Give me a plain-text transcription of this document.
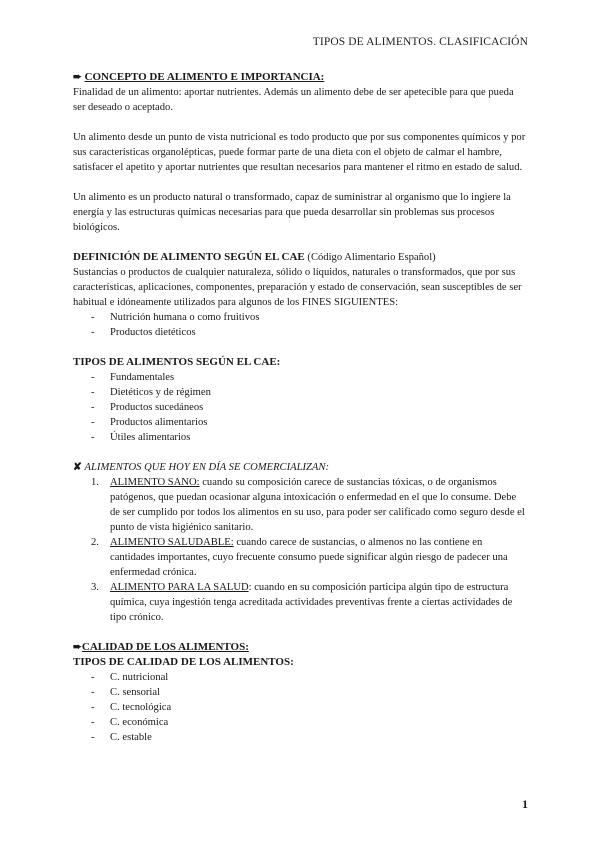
TIPOS DE ALIMENTOS. CLASIFICACIÓN

➨ CONCEPTO DE ALIMENTO E IMPORTANCIA:

Finalidad de un alimento: aportar nutrientes. Además un alimento debe de ser apetecible para que pueda ser deseado o aceptado.

Un alimento desde un punto de vista nutricional es todo producto que por sus componentes químicos y por sus características organolépticas, puede formar parte de una dieta con el objeto de calmar el hambre, satisfacer el apetito y aportar nutrientes que resultan necesarios para mantener el ritmo en estado de salud.

Un alimento es un producto natural o transformado, capaz de suministrar al organismo que lo ingiere la energía y las estructuras químicas necesarias para que pueda desarrollar sin problemas sus procesos biológicos.

DEFINICIÓN DE ALIMENTO SEGÚN EL CAE (Código Alimentario Español)

Sustancias o productos de cualquier naturaleza, sólido o líquidos, naturales o transformados, que por sus características, aplicaciones, componentes, preparación y estado de conservación, sean susceptibles de ser habitual e idóneamente utilizados para algunos de los FINES SIGUIENTES:

- Nutrición humana o como fruitivos
- Productos dietéticos

TIPOS DE ALIMENTOS SEGÚN EL CAE:

- Fundamentales
- Dietéticos y de régimen
- Productos sucedáneos
- Productos alimentarios
- Útiles alimentarios

✘ ALIMENTOS QUE HOY EN DÍA SE COMERCIALIZAN:

1. ALIMENTO SANO: cuando su composición carece de sustancias tóxicas, o de organismos patógenos, que puedan ocasionar alguna intoxicación o enfermedad en el que lo consume. Debe de ser cumplido por todos los alimentos en su uso, para poder ser calificado como seguro desde el punto de vista higiénico sanitario.
2. ALIMENTO SALUDABLE: cuando carece de sustancias, o almenos no las contiene en cantidades importantes, cuyo frecuente consumo puede significar algún riesgo de padecer una enfermedad crónica.
3. ALIMENTO PARA LA SALUD: cuando en su composición participa algún tipo de estructura química, cuya ingestión tenga acreditada actividades preventivas frente a ciertas actividades de tipo crónico.

➨CALIDAD DE LOS ALIMENTOS:

TIPOS DE CALIDAD DE LOS ALIMENTOS:

- C. nutricional
- C. sensorial
- C. tecnológica
- C. económica
- C. estable
1
